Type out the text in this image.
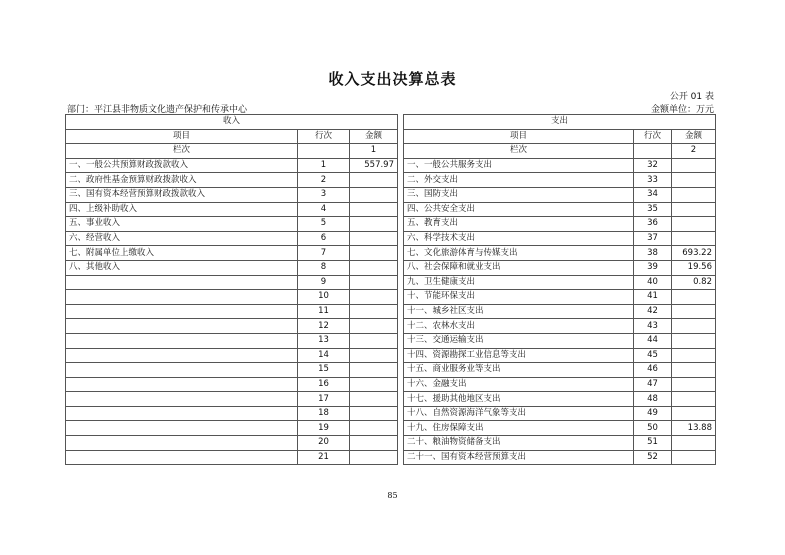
收入支出决算总表
公开 01 表
部门：平江县非物质文化遗产保护和传承中心	金额单位：万元
收入				支出		
项目	行次	金额		项目	行次	金额
栏次		1		栏次		2
一、一般公共预算财政拨款收入	1	557.97		一、一般公共服务支出	32	
二、政府性基金预算财政拨款收入	2			二、外交支出	33	
三、国有资本经营预算财政拨款收入	3			三、国防支出	34	
四、上级补助收入	4			四、公共安全支出	35	
五、事业收入	5			五、教育支出	36	
六、经营收入	6			六、科学技术支出	37	
七、附属单位上缴收入	7			七、文化旅游体育与传媒支出	38	693.22
八、其他收入	8			八、社会保障和就业支出	39	19.56
	9			九、卫生健康支出	40	0.82
	10			十、节能环保支出	41	
	11			十一、城乡社区支出	42	
	12			十二、农林水支出	43	
	13			十三、交通运输支出	44	
	14			十四、资源勘探工业信息等支出	45	
	15			十五、商业服务业等支出	46	
	16			十六、金融支出	47	
	17			十七、援助其他地区支出	48	
	18			十八、自然资源海洋气象等支出	49	
	19			十九、住房保障支出	50	13.88
	20			二十、粮油物资储备支出	51	
	21			二十一、国有资本经营预算支出	52	
85
